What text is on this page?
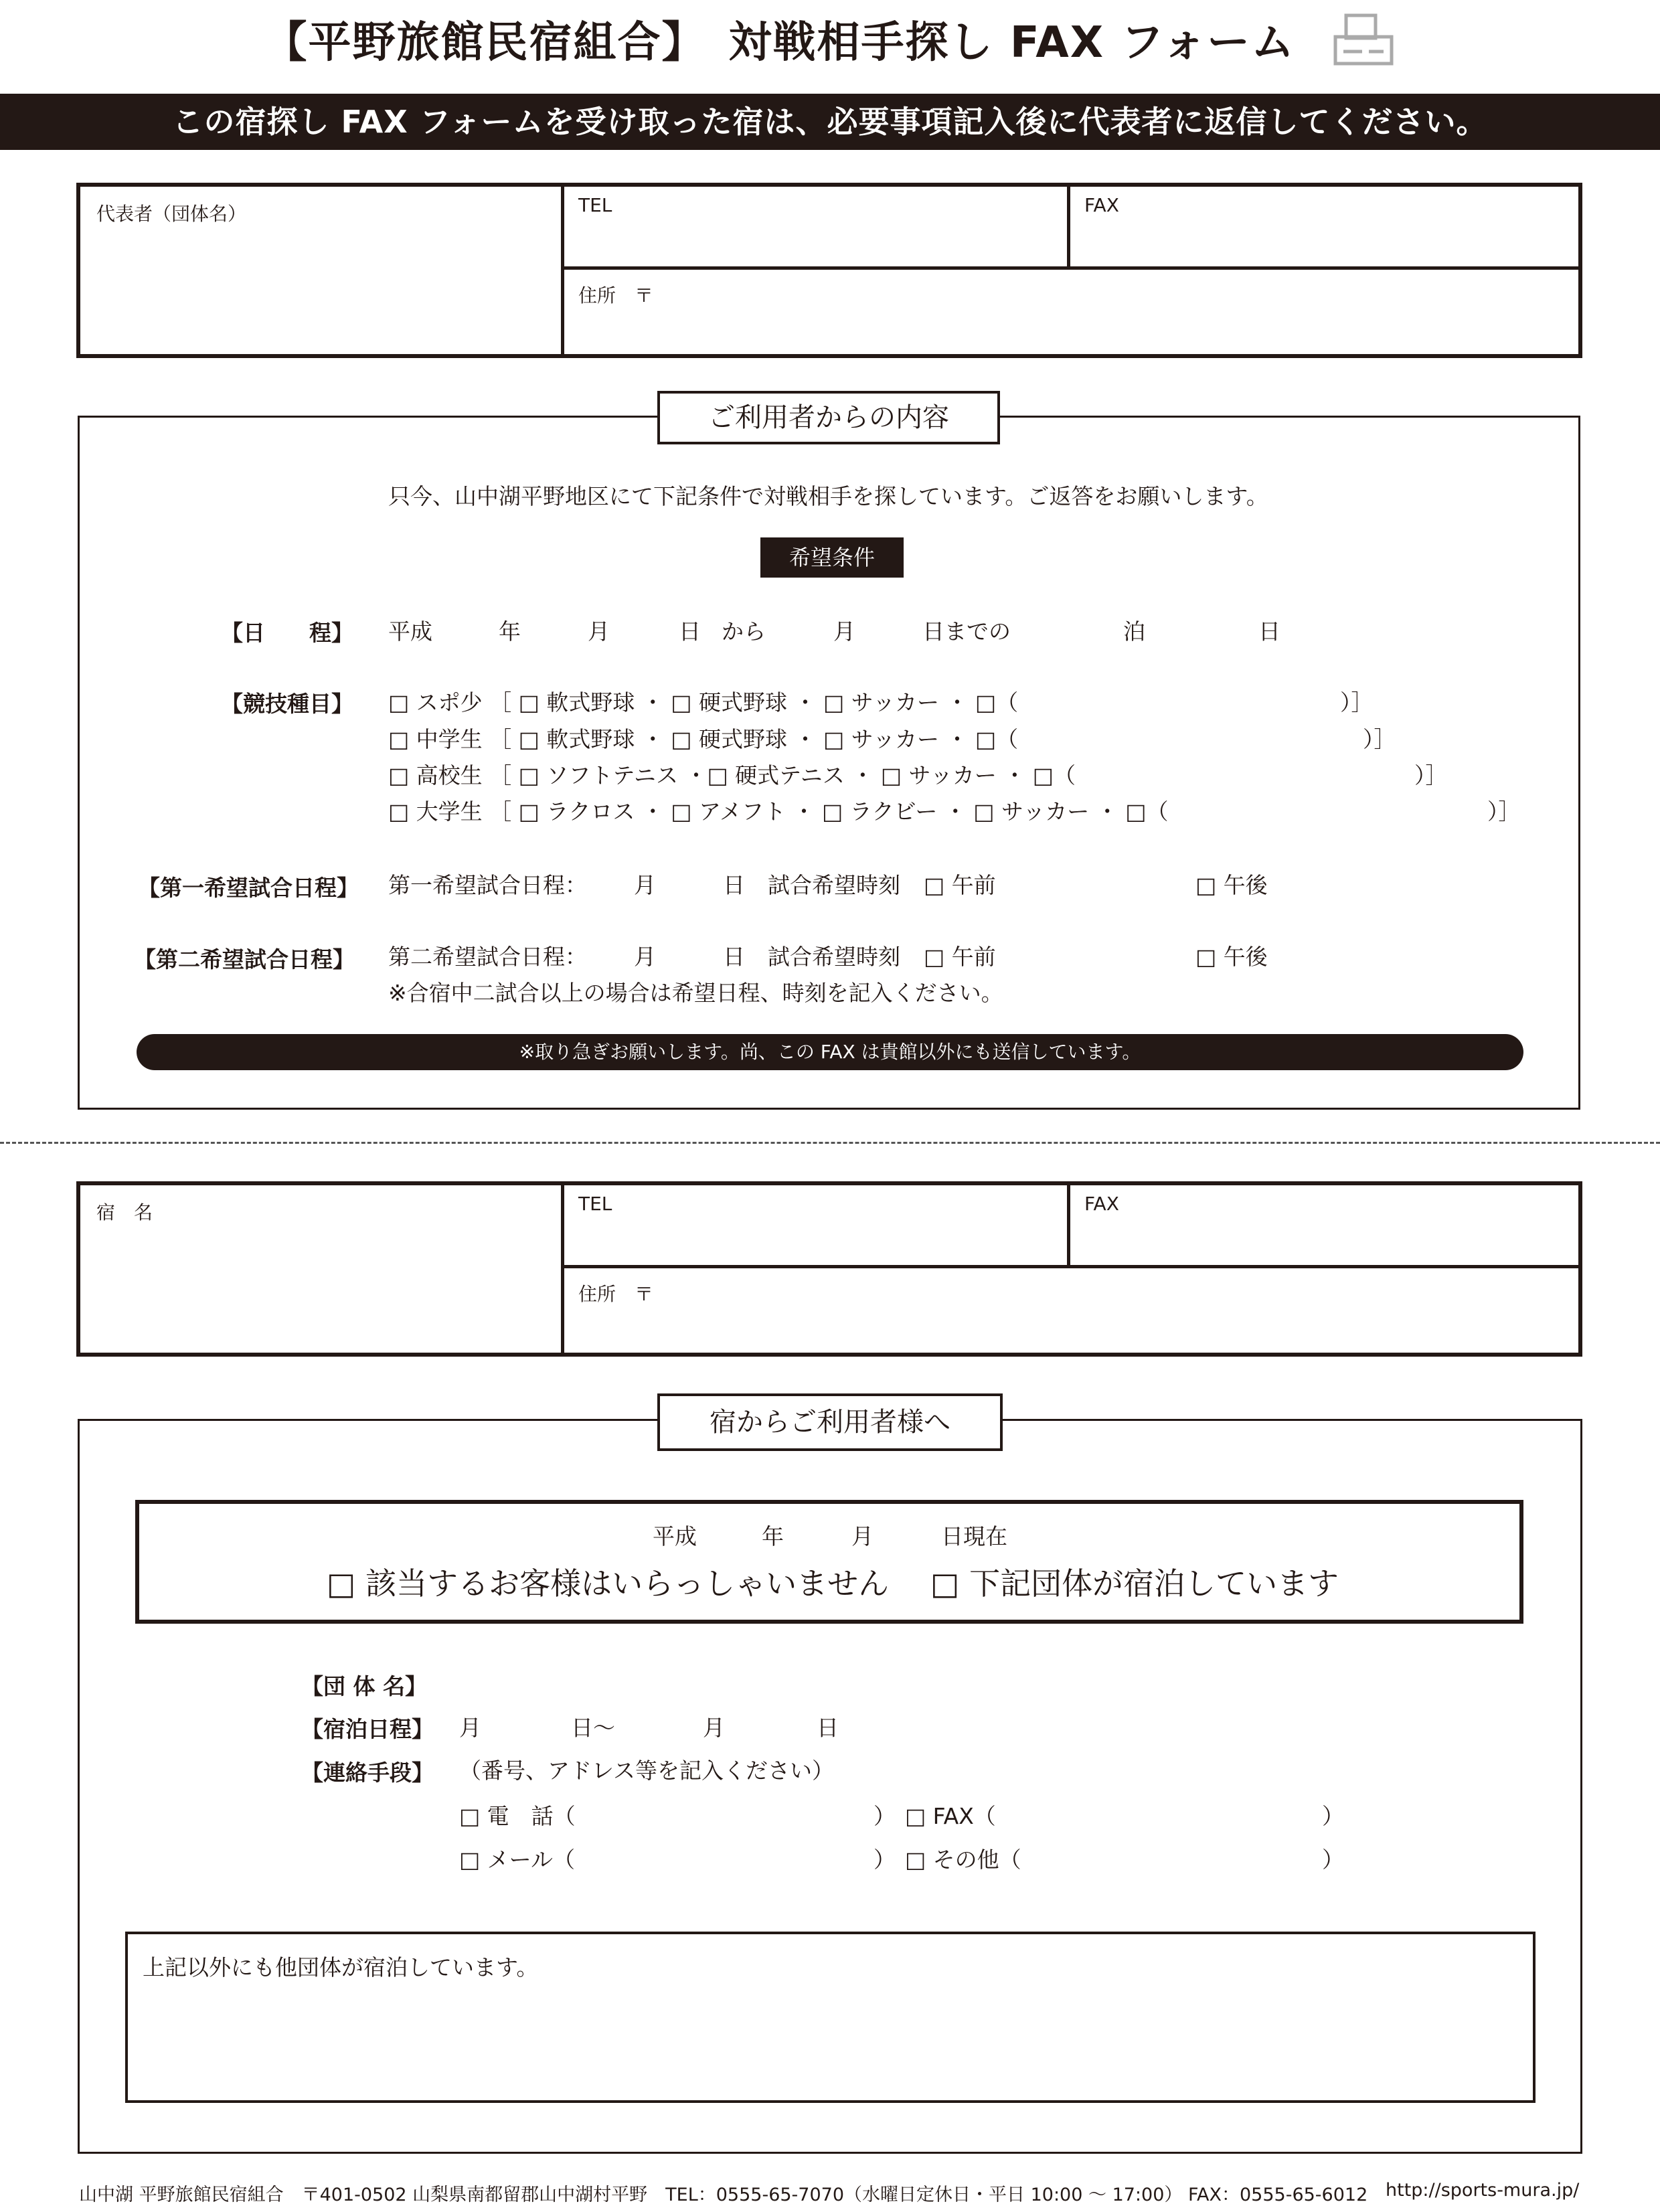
【平野旅館民宿組合】　対戦相手探し FAX フォーム
この宿探し FAX フォームを受け取った宿は、必要事項記入後に代表者に返信してください。
代表者（団体名）	TEL	FAX
住所　〒
ご利用者からの内容
只今、山中湖平野地区にて下記条件で対戦相手を探しています。ご返答をお願いします。
希望条件
【日　　程】 平成	年	月	日 から	月	日までの	泊	日
【競技種目】 □ スポ少 ［ □ 軟式野球 ・ □ 硬式野球 ・ □ サッカー ・ □（	）］
□ 中学生 ［ □ 軟式野球 ・ □ 硬式野球 ・ □ サッカー ・ □（	）］
□ 高校生 ［ □ ソフトテニス ・□ 硬式テニス ・ □ サッカー ・ □（	）］
□ 大学生 ［ □ ラクロス ・ □ アメフト ・ □ ラクビー ・ □ サッカー ・ □（	）］
【第一希望試合日程】 第一希望試合日程： 月	日 試合希望時刻 □ 午前	□ 午後
【第二希望試合日程】 第二希望試合日程： 月	日 試合希望時刻 □ 午前	□ 午後
※合宿中二試合以上の場合は希望日程、時刻を記入ください。
※取り急ぎお願いします。尚、この FAX は貴館以外にも送信しています。
宿　名	TEL	FAX
住所　〒
宿からご利用者様へ
平成	年	月	日現在
□ 該当するお客様はいらっしゃいません □ 下記団体が宿泊しています
【団 体 名】
【宿泊日程】 月	日〜	月	日
【連絡手段】 （番号、アドレス等を記入ください）
□ 電　話（	） □ FAX（	）
□ メール（	） □ その他（	）
上記以外にも他団体が宿泊しています。
山中湖 平野旅館民宿組合　〒401-0502 山梨県南都留郡山中湖村平野　TEL：0555-65-7070（水曜日定休日・平日 10:00 〜 17:00） FAX：0555-65-6012 http://sports-mura.jp/
